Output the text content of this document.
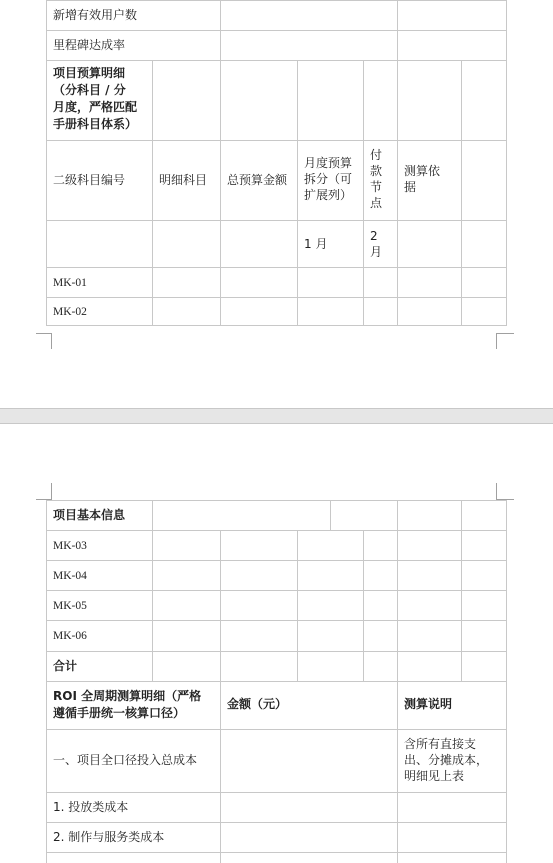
新增有效用户数
里程碑达成率
项目预算明细
（分科目 / 分
月度，严格匹配
手册科目体系）
二级科目编号	明细科目 总预算金额
月度预算
拆分（可
扩展列）
付
款
节
点
测算依
据
1 月
2
月
MK-01
MK-02
项目基本信息
MK-03
MK-04
MK-05
MK-06
合计
ROI 全周期测算明细（严格
遵循手册统一核算口径）
金额（元）	测算说明
一、项目全口径投入总成本
含所有直接支
出、分摊成本，
明细见上表
1. 投放类成本
2. 制作与服务类成本
